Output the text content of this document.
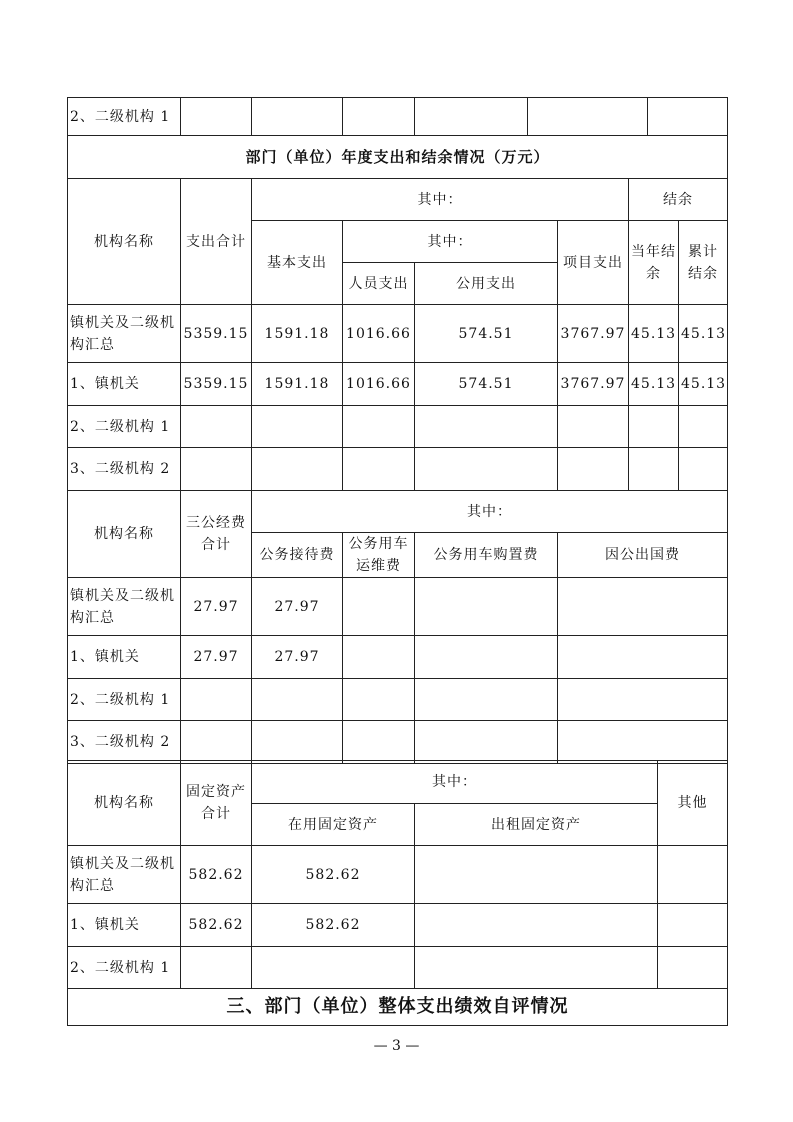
2、二级机构 1						
部门（单位）年度支出和结余情况（万元）							
机构名称	支出合计	其中：				结余	
		基本支出	其中：		项目支出	当年结余	累计结余
			人员支出	公用支出			
镇机关及二级机构汇总	5359.15	1591.18	1016.66	574.51	3767.97	45.13	45.13
1、镇机关	5359.15	1591.18	1016.66	574.51	3767.97	45.13	45.13
2、二级机构 1							
3、二级机构 2							
机构名称	三公经费合计	其中：			
		公务接待费	公务用车运维费	公务用车购置费	因公出国费
镇机关及二级机构汇总	27.97	27.97			
1、镇机关	27.97	27.97			
2、二级机构 1					
3、二级机构 2					
机构名称	固定资产合计	其中：		其他
		在用固定资产	出租固定资产	
镇机关及二级机构汇总	582.62	582.62		
1、镇机关	582.62	582.62		
2、二级机构 1				
三、部门（单位）整体支出绩效自评情况				
— 3 —
